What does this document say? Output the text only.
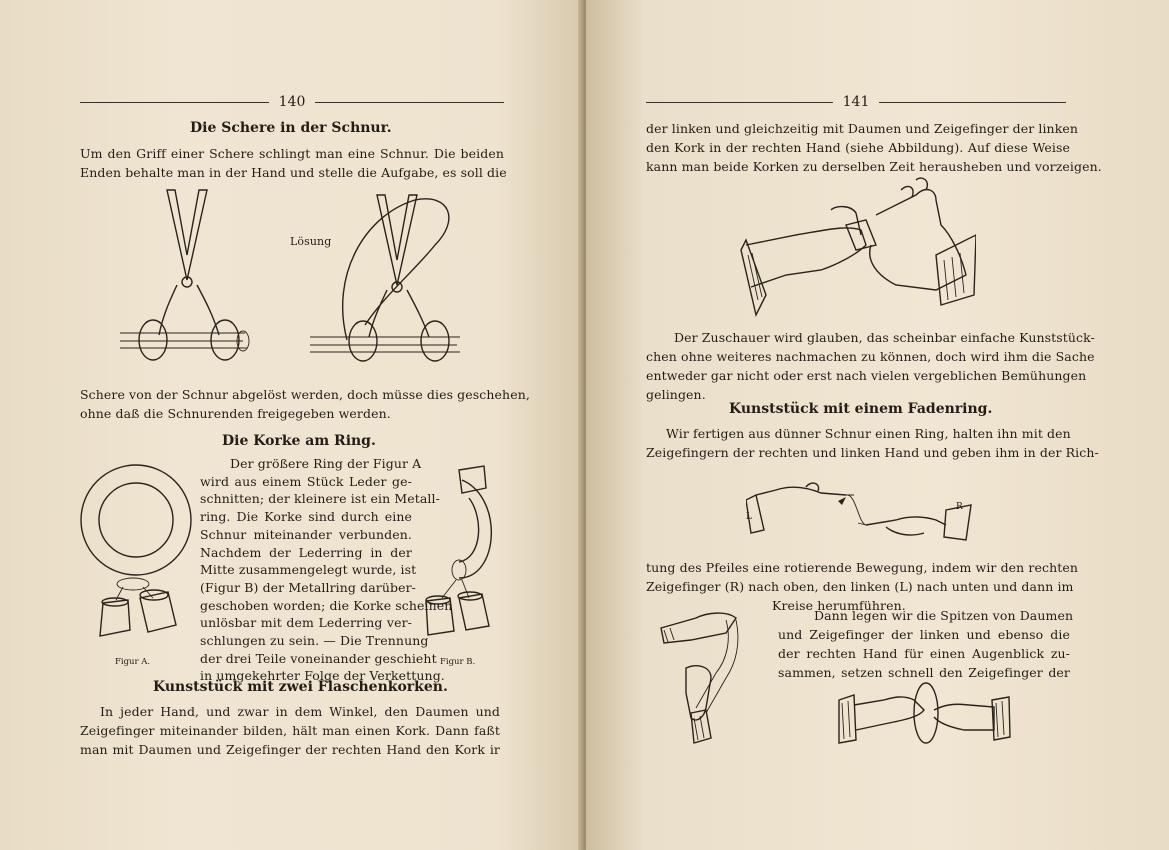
140
Die Schere in der Schnur.
Um den Griff einer Schere schlingt man eine Schnur. Die beiden
Enden behalte man in der Hand und stelle die Aufgabe, es soll die
Lösung
Schere von der Schnur abgelöst werden, doch müsse dies geschehen,
ohne daß die Schnurenden freigegeben werden.
Die Korke am Ring.
Figur A.
Der größere Ring der Figur A
wird aus einem Stück Leder ge-
schnitten; der kleinere ist ein Metall-
ring. Die Korke sind durch eine
Schnur miteinander verbunden.
Nachdem der Lederring in der
Mitte zusammengelegt wurde, ist
(Figur B) der Metallring darüber-
geschoben worden; die Korke scheinen
unlösbar mit dem Lederring ver-
schlungen zu sein. — Die Trennung
der drei Teile voneinander geschieht
in umgekehrter Folge der Verkettung.
Figur B.
Kunststück mit zwei Flaschenkorken.
In jeder Hand, und zwar in dem Winkel, den Daumen und
Zeigefinger miteinander bilden, hält man einen Kork. Dann faßt
man mit Daumen und Zeigefinger der rechten Hand den Kork ir
141
der linken und gleichzeitig mit Daumen und Zeigefinger der linken
den Kork in der rechten Hand (siehe Abbildung). Auf diese Weise
kann man beide Korken zu derselben Zeit herausheben und vorzeigen.
Der Zuschauer wird glauben, das scheinbar einfache Kunststück-
chen ohne weiteres nachmachen zu können, doch wird ihm die Sache
entweder gar nicht oder erst nach vielen vergeblichen Bemühungen
gelingen.
Kunststück mit einem Fadenring.
Wir fertigen aus dünner Schnur einen Ring, halten ihn mit den
Zeigefingern der rechten und linken Hand und geben ihm in der Rich-
L
R
tung des Pfeiles eine rotierende Bewegung, indem wir den rechten
Zeigefinger (R) nach oben, den linken (L) nach unten und dann im
Kreise herumführen.
Dann legen wir die Spitzen von Daumen
und Zeigefinger der linken und ebenso die
der rechten Hand für einen Augenblick zu-
sammen, setzen schnell den Zeigefinger der
